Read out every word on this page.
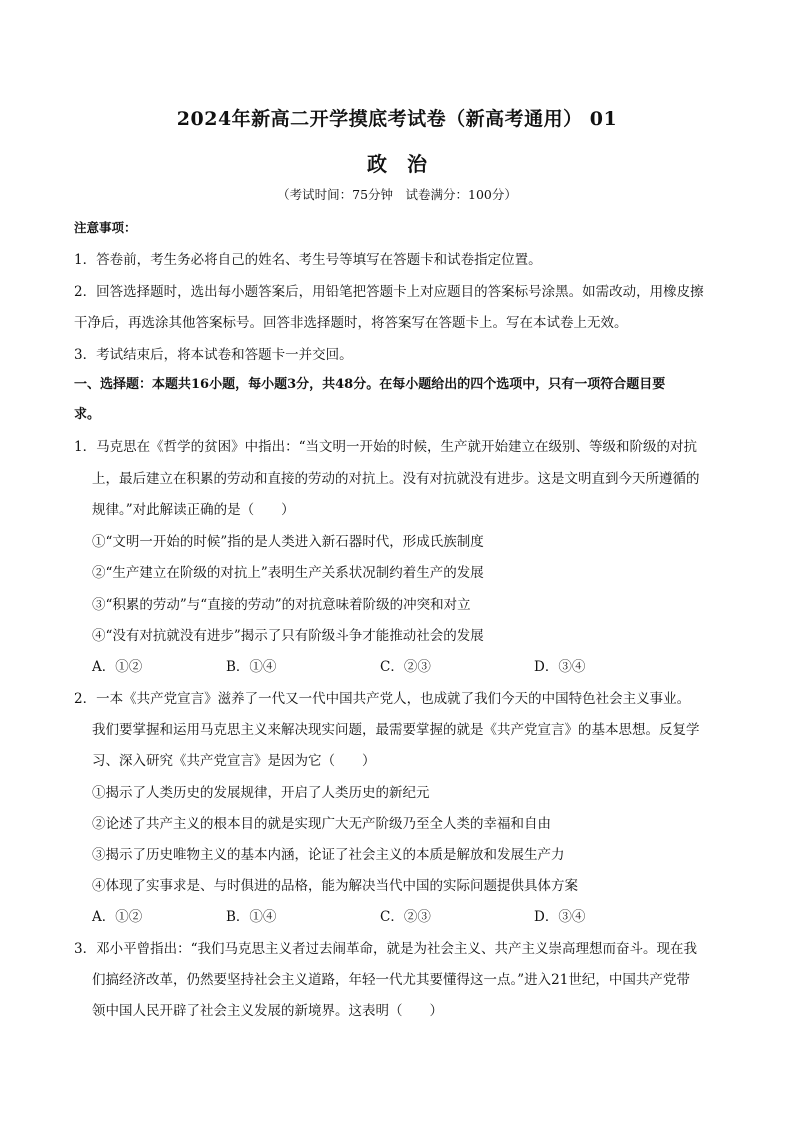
2024年新高二开学摸底考试卷（新高考通用） 01
政　治
（考试时间：75分钟　试卷满分：100分）
注意事项：
1．答卷前，考生务必将自己的姓名、考生号等填写在答题卡和试卷指定位置。
2．回答选择题时，选出每小题答案后，用铅笔把答题卡上对应题目的答案标号涂黑。如需改动，用橡皮擦
干净后，再选涂其他答案标号。回答非选择题时，将答案写在答题卡上。写在本试卷上无效。
3．考试结束后，将本试卷和答题卡一并交回。
一、选择题：本题共16小题，每小题3分，共48分。在每小题给出的四个选项中，只有一项符合题目要
求。
1．马克思在《哲学的贫困》中指出：“当文明一开始的时候，生产就开始建立在级别、等级和阶级的对抗
上，最后建立在积累的劳动和直接的劳动的对抗上。没有对抗就没有进步。这是文明直到今天所遵循的
规律。”对此解读正确的是（　　）
①“文明一开始的时候”指的是人类进入新石器时代，形成氏族制度
②“生产建立在阶级的对抗上”表明生产关系状况制约着生产的发展
③“积累的劳动”与“直接的劳动”的对抗意味着阶级的冲突和对立
④“没有对抗就没有进步”揭示了只有阶级斗争才能推动社会的发展
A．①②	B．①④	C．②③	D．③④
2．一本《共产党宣言》滋养了一代又一代中国共产党人，也成就了我们今天的中国特色社会主义事业。
我们要掌握和运用马克思主义来解决现实问题，最需要掌握的就是《共产党宣言》的基本思想。反复学
习、深入研究《共产党宣言》是因为它（　　）
①揭示了人类历史的发展规律，开启了人类历史的新纪元
②论述了共产主义的根本目的就是实现广大无产阶级乃至全人类的幸福和自由
③揭示了历史唯物主义的基本内涵，论证了社会主义的本质是解放和发展生产力
④体现了实事求是、与时俱进的品格，能为解决当代中国的实际问题提供具体方案
A．①②	B．①④	C．②③	D．③④
3．邓小平曾指出：“我们马克思主义者过去闹革命，就是为社会主义、共产主义崇高理想而奋斗。现在我
们搞经济改革，仍然要坚持社会主义道路，年轻一代尤其要懂得这一点。”进入21世纪，中国共产党带
领中国人民开辟了社会主义发展的新境界。这表明（　　）
